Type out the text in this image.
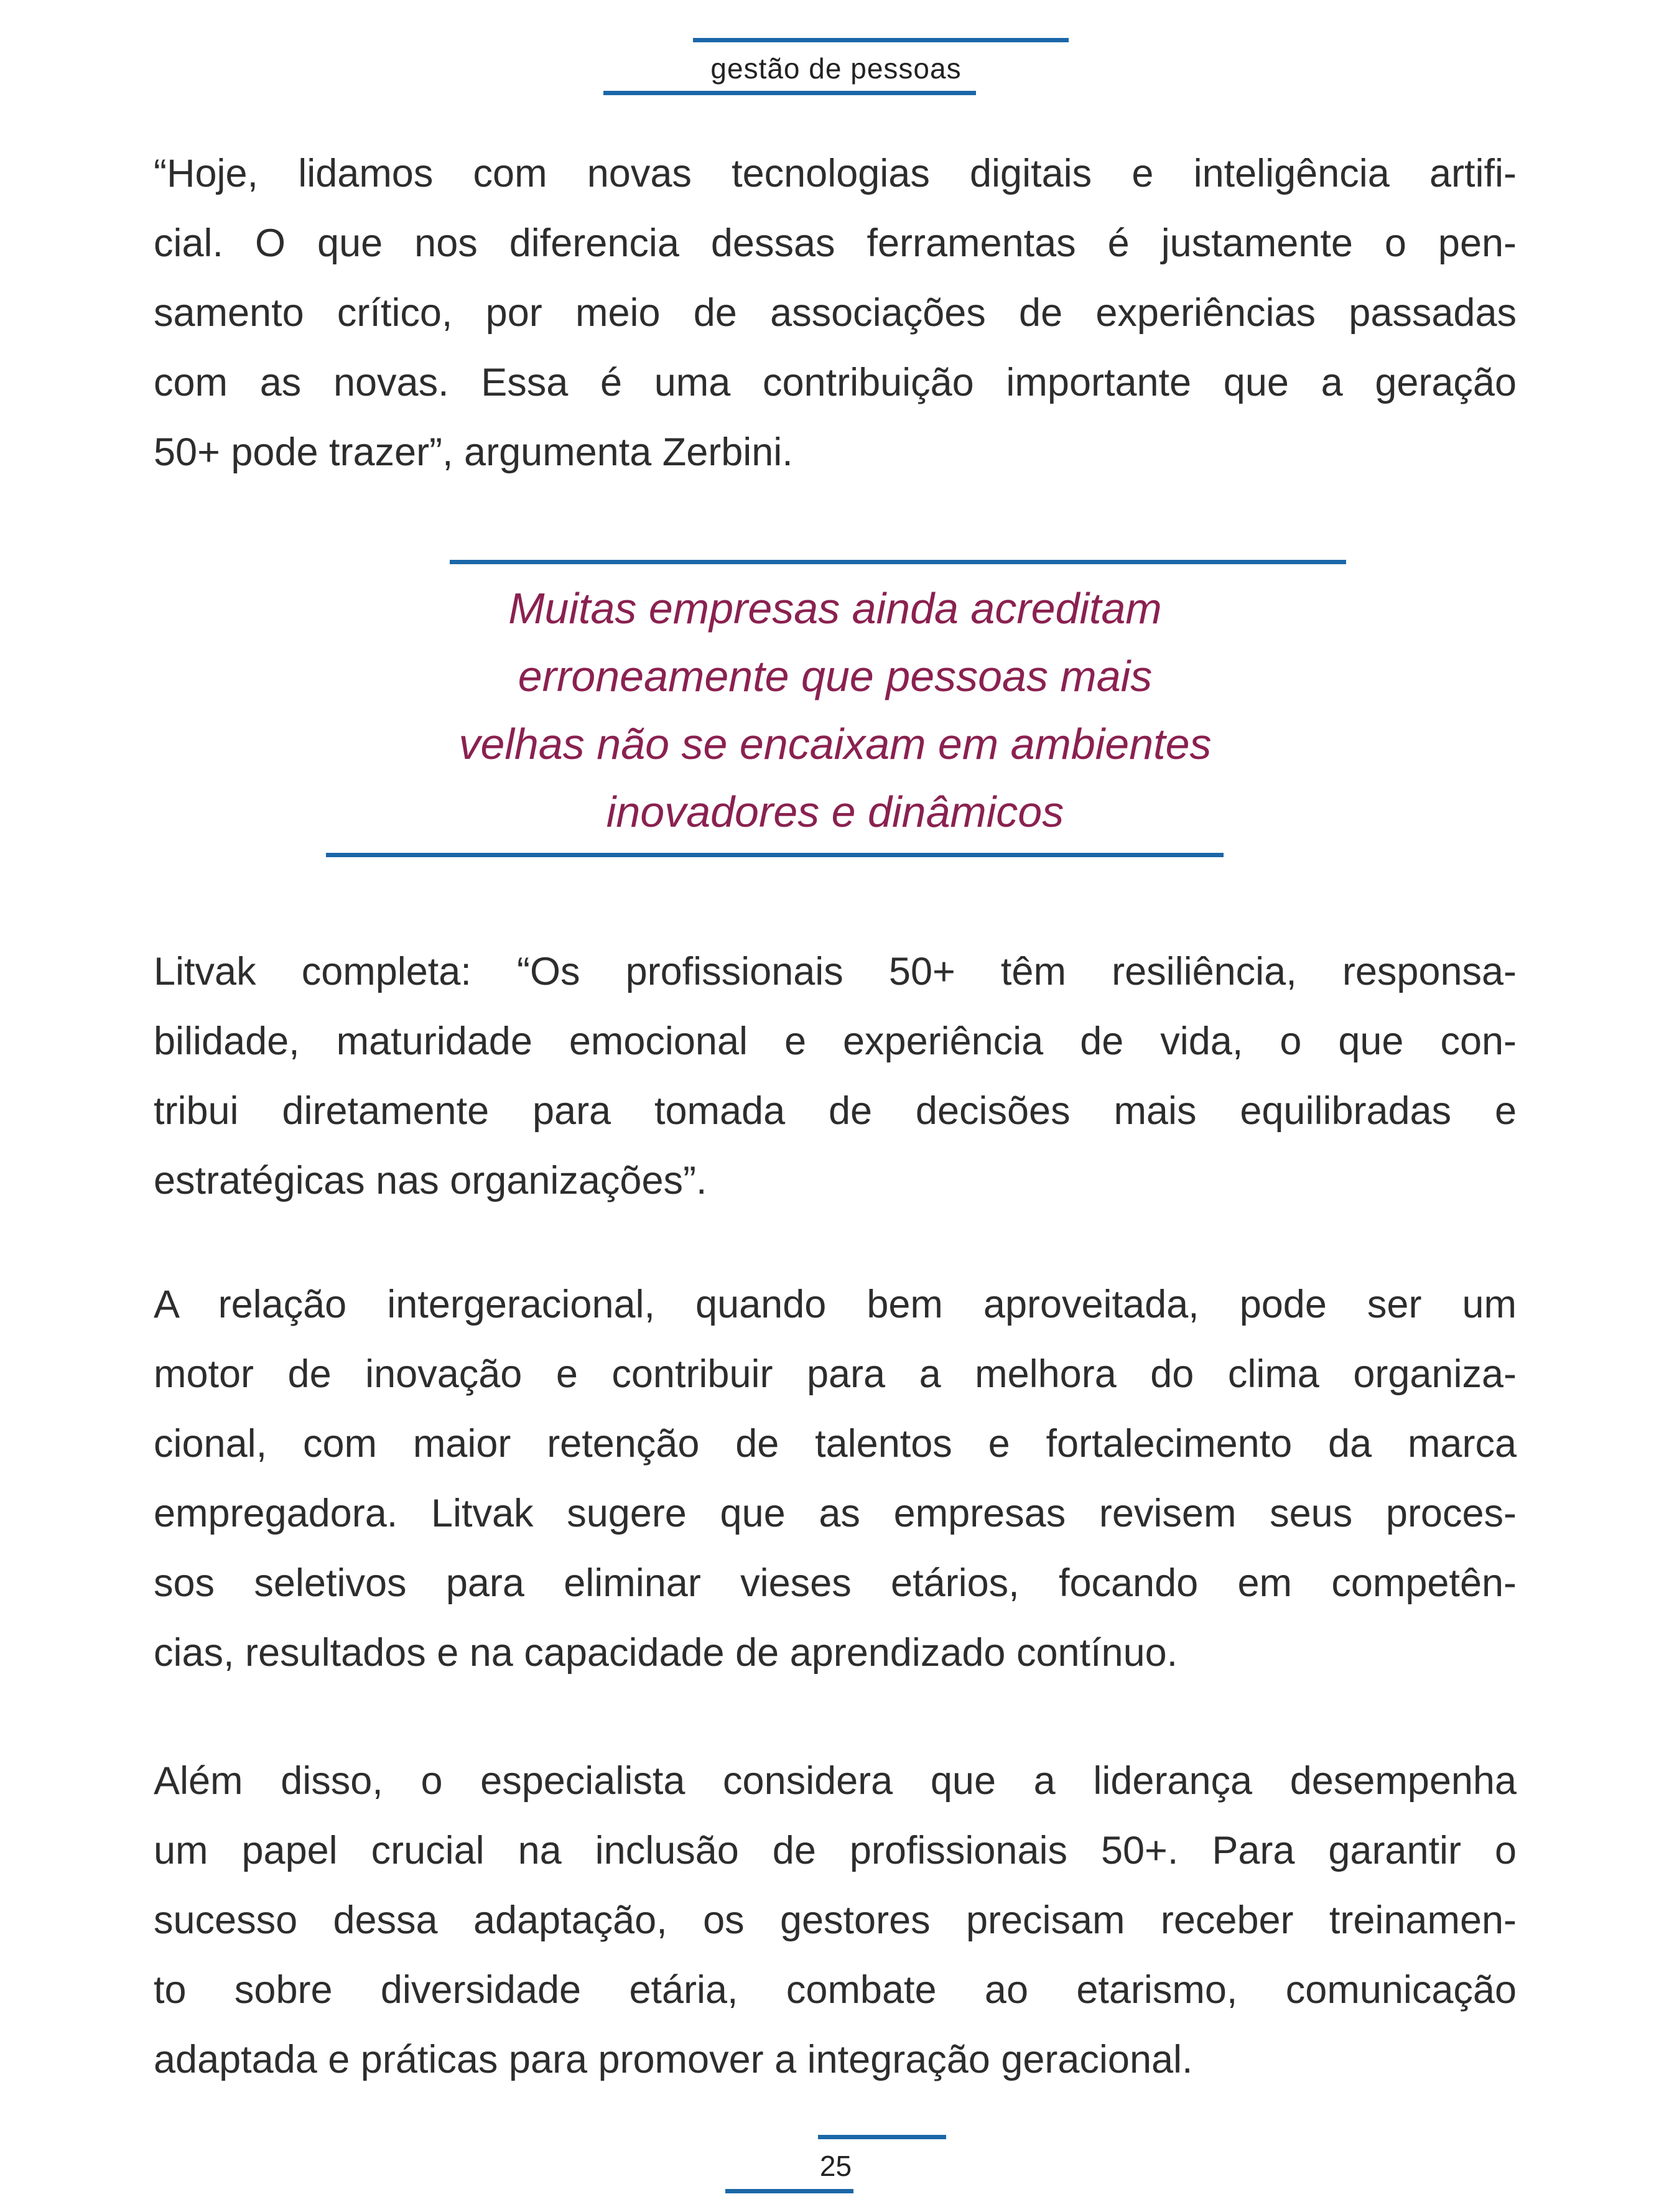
gestão de pessoas
“Hoje, lidamos com novas tecnologias digitais e inteligência artifi-
cial. O que nos diferencia dessas ferramentas é justamente o pen-
samento crítico, por meio de associações de experiências passadas
com as novas. Essa é uma contribuição importante que a geração
50+ pode trazer”, argumenta Zerbini.
Muitas empresas ainda acreditam
erroneamente que pessoas mais
velhas não se encaixam em ambientes
inovadores e dinâmicos
Litvak completa: “Os profissionais 50+ têm resiliência, responsa-
bilidade, maturidade emocional e experiência de vida, o que con-
tribui diretamente para tomada de decisões mais equilibradas e
estratégicas nas organizações”.
A relação intergeracional, quando bem aproveitada, pode ser um
motor de inovação e contribuir para a melhora do clima organiza-
cional, com maior retenção de talentos e fortalecimento da marca
empregadora. Litvak sugere que as empresas revisem seus proces-
sos seletivos para eliminar vieses etários, focando em competên-
cias, resultados e na capacidade de aprendizado contínuo.
Além disso, o especialista considera que a liderança desempenha
um papel crucial na inclusão de profissionais 50+. Para garantir o
sucesso dessa adaptação, os gestores precisam receber treinamen-
to sobre diversidade etária, combate ao etarismo, comunicação
adaptada e práticas para promover a integração geracional.
25
